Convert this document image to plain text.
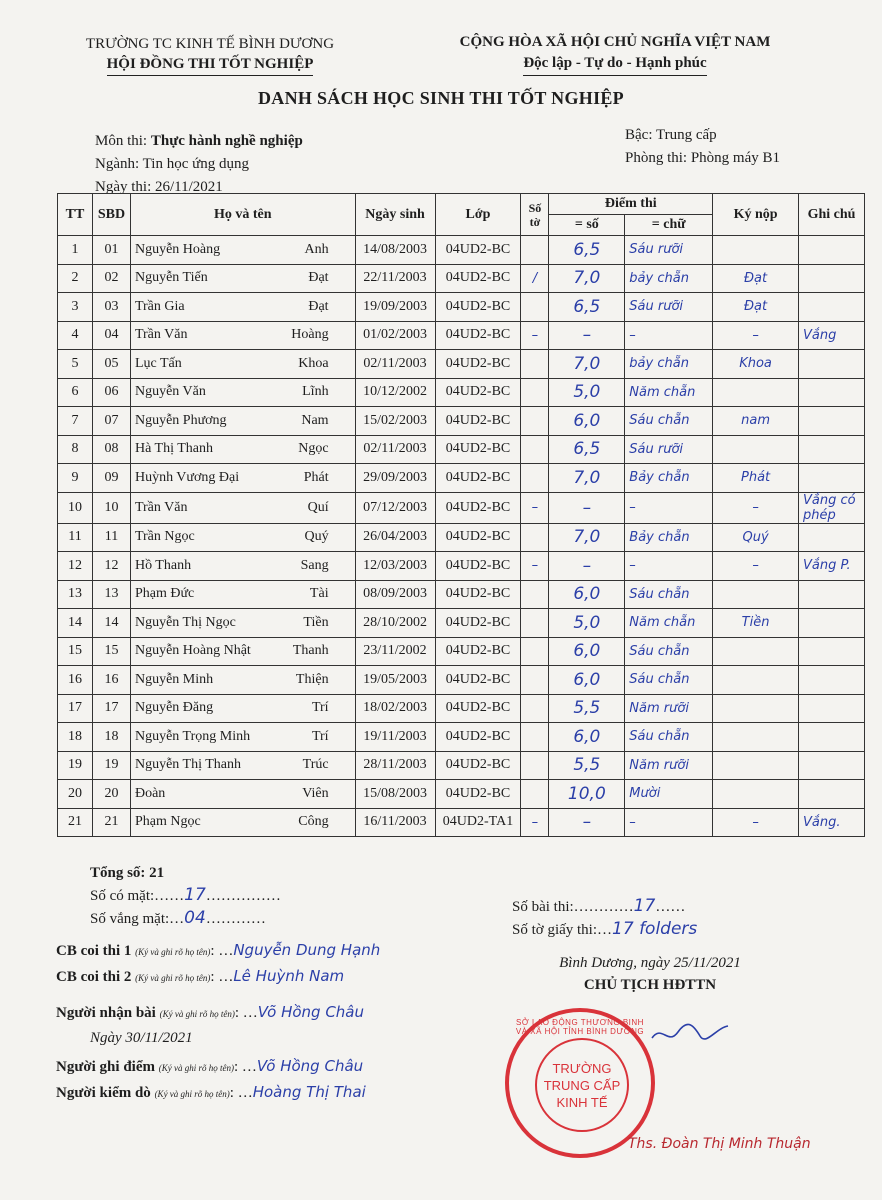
TRƯỜNG TC KINH TẾ BÌNH DƯƠNG
HỘI ĐỒNG THI TỐT NGHIỆP
CỘNG HÒA XÃ HỘI CHỦ NGHĨA VIỆT NAM
Độc lập - Tự do - Hạnh phúc
DANH SÁCH HỌC SINH THI TỐT NGHIỆP
Môn thi: Thực hành nghề nghiệp
Ngành: Tin học ứng dụng
Ngày thi: 26/11/2021
Bậc: Trung cấp
Phòng thi: Phòng máy B1
TT	SBD	Họ và tên	Ngày sinh	Lớp	Số tờ	Điểm thi		Ký nộp	Ghi chú
						= số	= chữ		
1	01	Nguyễn Hoàng Anh	14/08/2003	04UD2-BC		6,5	Sáu rưỡi		
2	02	Nguyễn Tiến Đạt	22/11/2003	04UD2-BC	/	7,0	bảy chẵn	Đạt	
3	03	Trần Gia Đạt	19/09/2003	04UD2-BC		6,5	Sáu rưỡi	Đạt	
4	04	Trần Văn Hoàng	01/02/2003	04UD2-BC	–	–	–	–	Vắng
5	05	Lục Tấn Khoa	02/11/2003	04UD2-BC		7,0	bảy chẵn	Khoa	
6	06	Nguyễn Văn Lĩnh	10/12/2002	04UD2-BC		5,0	Năm chẵn		
7	07	Nguyễn Phương Nam	15/02/2003	04UD2-BC		6,0	Sáu chẵn	nam	
8	08	Hà Thị Thanh Ngọc	02/11/2003	04UD2-BC		6,5	Sáu rưỡi		
9	09	Huỳnh Vương Đại Phát	29/09/2003	04UD2-BC		7,0	Bảy chẵn	Phát	
10	10	Trần Văn Quí	07/12/2003	04UD2-BC	–	–	–	–	Vắng có phép
11	11	Trần Ngọc Quý	26/04/2003	04UD2-BC		7,0	Bảy chẵn	Quý	
12	12	Hồ Thanh Sang	12/03/2003	04UD2-BC	–	–	–	–	Vắng P.
13	13	Phạm Đức Tài	08/09/2003	04UD2-BC		6,0	Sáu chẵn		
14	14	Nguyễn Thị Ngọc Tiền	28/10/2002	04UD2-BC		5,0	Năm chẵn	Tiền	
15	15	Nguyễn Hoàng Nhật Thanh	23/11/2002	04UD2-BC		6,0	Sáu chẵn		
16	16	Nguyễn Minh Thiện	19/05/2003	04UD2-BC		6,0	Sáu chẵn		
17	17	Nguyễn Đăng Trí	18/02/2003	04UD2-BC		5,5	Năm rưỡi		
18	18	Nguyễn Trọng Minh Trí	19/11/2003	04UD2-BC		6,0	Sáu chẵn		
19	19	Nguyễn Thị Thanh Trúc	28/11/2003	04UD2-BC		5,5	Năm rưỡi		
20	20	Đoàn Viên	15/08/2003	04UD2-BC		10,0	Mười		
21	21	Phạm Ngọc Công	16/11/2003	04UD2-TA1	–	–	–	–	Vắng.
Tổng số: 21
Số có mặt:……17……………
Số vắng mặt:…04…………
Số bài thi:…………17……
Số tờ giấy thi:…17 folders
CB coi thi 1 (Ký và ghi rõ họ tên): …Nguyễn Dung Hạnh
CB coi thi 2 (Ký và ghi rõ họ tên): …Lê Huỳnh Nam
Người nhận bài (Ký và ghi rõ họ tên): …Võ Hồng Châu
Ngày 30/11/2021
Người ghi điểm (Ký và ghi rõ họ tên): …Võ Hồng Châu
Người kiểm dò (Ký và ghi rõ họ tên): …Hoàng Thị Thai
Bình Dương, ngày 25/11/2021
CHỦ TỊCH HĐTTN
SỞ LAO ĐỘNG THƯƠNG BINH VÀ XÃ HỘI TỈNH BÌNH DƯƠNG
TRƯỜNG
TRUNG CẤP
KINH TẾ
Ths. Đoàn Thị Minh Thuận
